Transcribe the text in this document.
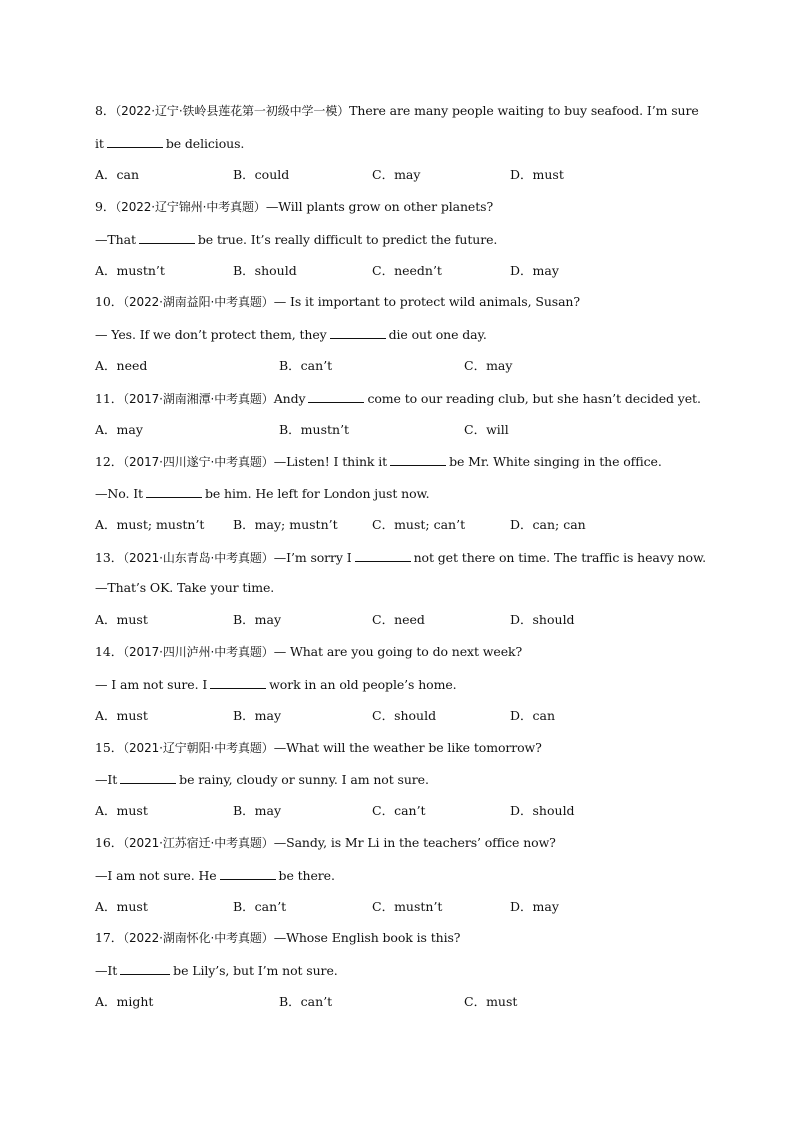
8．（2022·辽宁·铁岭县莲花第一初级中学一模）There are many people waiting to buy seafood. I’m sure
it	be delicious.
A．can	B．could	C．may	D．must
9．（2022·辽宁锦州·中考真题）—Will plants grow on other planets?
—That	be true. It’s really difficult to predict the future.
A．mustn’t	B．should	C．needn’t	D．may
10．（2022·湖南益阳·中考真题）— Is it important to protect wild animals, Susan?
— Yes. If we don’t protect them, they	die out one day.
A．need	B．can’t	C．may
11．（2017·湖南湘潭·中考真题）Andy	come to our reading club, but she hasn’t decided yet.
A．may	B．mustn’t	C．will
12．（2017·四川遂宁·中考真题）—Listen! I think it	be Mr. White singing in the office.
—No. It	be him. He left for London just now.
A．must; mustn’t B．may; mustn’t	C．must; can’t	D．can; can
13．（2021·山东青岛·中考真题）—I’m sorry I	not get there on time. The traffic is heavy now.
—That’s OK. Take your time.
A．must	B．may	C．need	D．should
14．（2017·四川泸州·中考真题）— What are you going to do next week?
— I am not sure. I	work in an old people’s home.
A．must	B．may	C．should	D．can
15．（2021·辽宁朝阳·中考真题）—What will the weather be like tomorrow?
—It	be rainy, cloudy or sunny. I am not sure.
A．must	B．may	C．can’t	D．should
16．（2021·江苏宿迁·中考真题）—Sandy, is Mr Li in the teachers’ office now?
—I am not sure. He	be there.
A．must	B．can’t	C．mustn’t	D．may
17．（2022·湖南怀化·中考真题）—Whose English book is this?
—It	be Lily’s, but I’m not sure.
A．might	B．can’t	C．must
